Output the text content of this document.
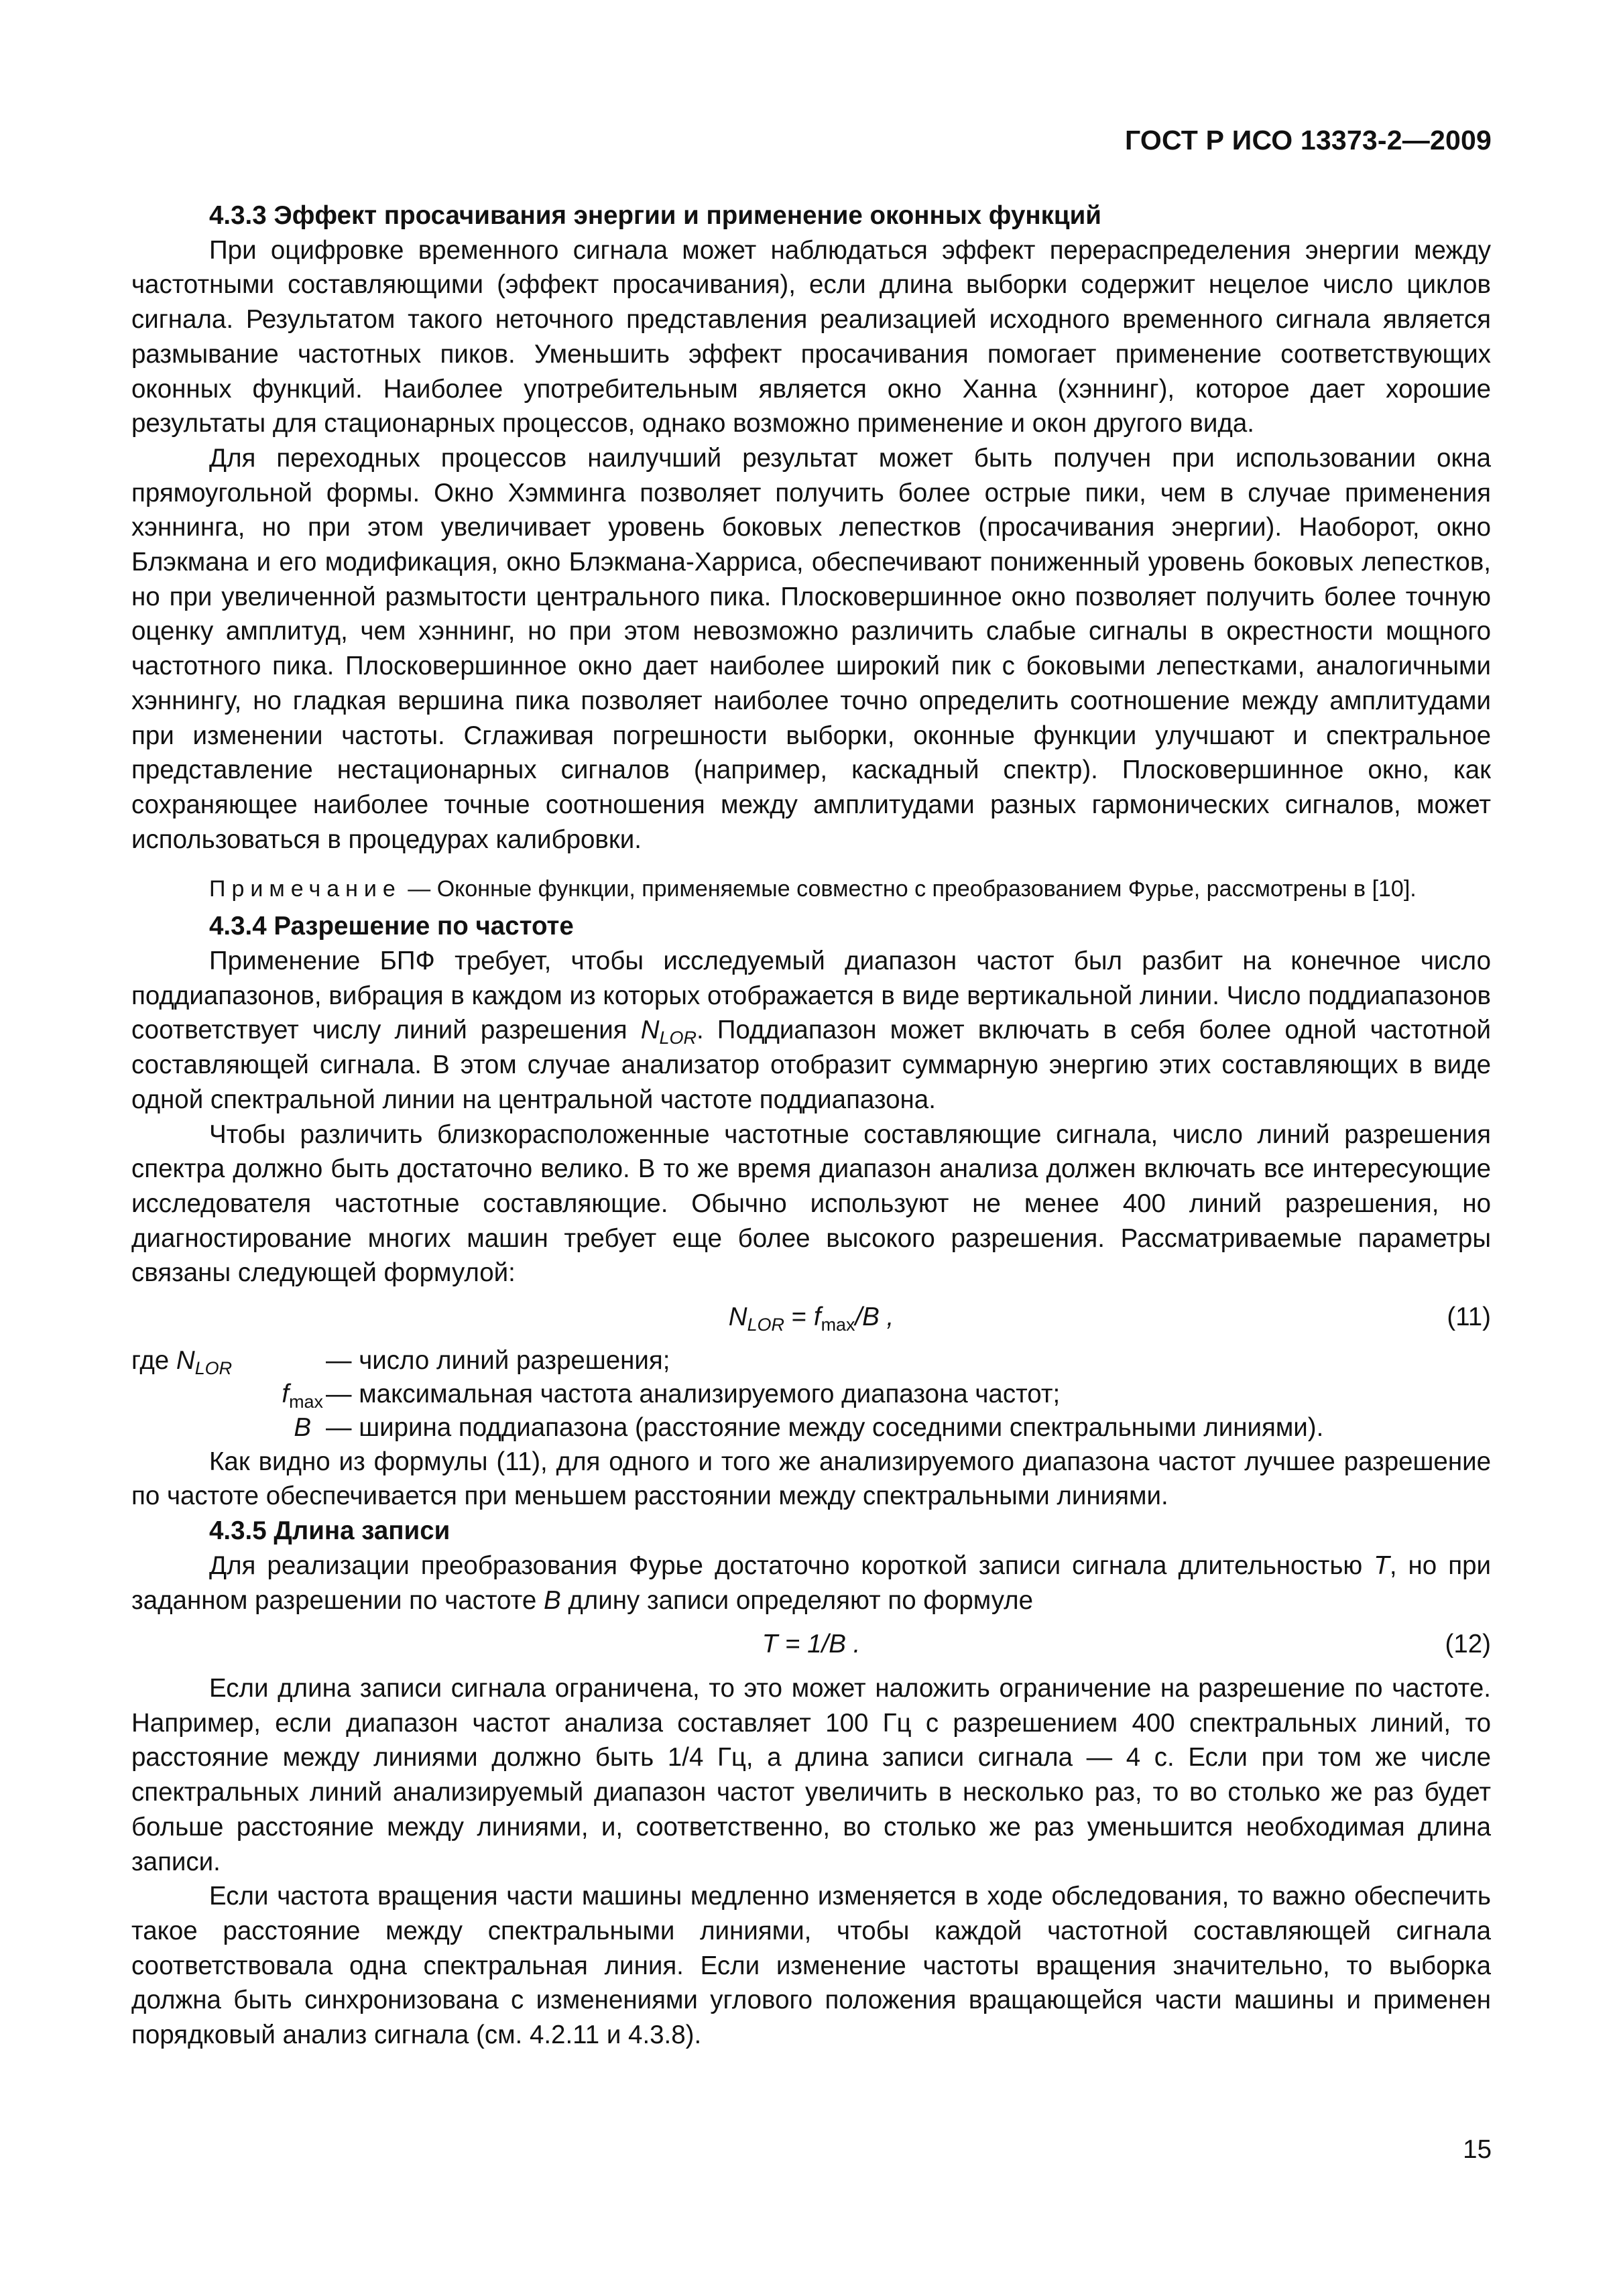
ГОСТ Р ИСО 13373-2—2009
4.3.3 Эффект просачивания энергии и применение оконных функций

При оцифровке временного сигнала может наблюдаться эффект перераспределения энергии между частотными составляющими (эффект просачивания), если длина выборки содержит нецелое число циклов сигнала. Результатом такого неточного представления реализацией исходного временного сигнала является размывание частотных пиков. Уменьшить эффект просачивания помогает применение соответствующих оконных функций. Наиболее употребительным является окно Ханна (хэннинг), которое дает хорошие результаты для стационарных процессов, однако возможно применение и окон другого вида.

Для переходных процессов наилучший результат может быть получен при использовании окна прямоугольной формы. Окно Хэмминга позволяет получить более острые пики, чем в случае применения хэннинга, но при этом увеличивает уровень боковых лепестков (просачивания энергии). Наоборот, окно Блэкмана и его модификация, окно Блэкмана-Харриса, обеспечивают пониженный уровень боковых лепестков, но при увеличенной размытости центрального пика. Плосковершинное окно позволяет получить более точную оценку амплитуд, чем хэннинг, но при этом невозможно различить слабые сигналы в окрестности мощного частотного пика. Плосковершинное окно дает наиболее широкий пик с боковыми лепестками, аналогичными хэннингу, но гладкая вершина пика позволяет наиболее точно определить соотношение между амплитудами при изменении частоты. Сглаживая погрешности выборки, оконные функции улучшают и спектральное представление нестационарных сигналов (например, каскадный спектр). Плосковершинное окно, как сохраняющее наиболее точные соотношения между амплитудами разных гармонических сигналов, может использоваться в процедурах калибровки.

Примечание — Оконные функции, применяемые совместно с преобразованием Фурье, рассмотрены в [10].

4.3.4 Разрешение по частоте

Применение БПФ требует, чтобы исследуемый диапазон частот был разбит на конечное число поддиапазонов, вибрация в каждом из которых отображается в виде вертикальной линии. Число поддиапазонов соответствует числу линий разрешения $N_{LOR}$. Поддиапазон может включать в себя более одной частотной составляющей сигнала. В этом случае анализатор отобразит суммарную энергию этих составляющих в виде одной спектральной линии на центральной частоте поддиапазона.

Чтобы различить близкорасположенные частотные составляющие сигнала, число линий разрешения спектра должно быть достаточно велико. В то же время диапазон анализа должен включать все интересующие исследователя частотные составляющие. Обычно используют не менее 400 линий разрешения, но диагностирование многих машин требует еще более высокого разрешения. Рассматриваемые параметры связаны следующей формулой:

$N_{LOR} = f_{max}/B$ ,	(11)
где $N_{LOR}$	— число линий разрешения;
$f_{max}$ — максимальная частота анализируемого диапазона частот;
B — ширина поддиапазона (расстояние между соседними спектральными линиями).

Как видно из формулы (11), для одного и того же анализируемого диапазона частот лучшее разрешение по частоте обеспечивается при меньшем расстоянии между спектральными линиями.

4.3.5 Длина записи

Для реализации преобразования Фурье достаточно короткой записи сигнала длительностью T, но при заданном разрешении по частоте B длину записи определяют по формуле

T = 1/B .	(12)

Если длина записи сигнала ограничена, то это может наложить ограничение на разрешение по частоте. Например, если диапазон частот анализа составляет 100 Гц с разрешением 400 спектральных линий, то расстояние между линиями должно быть 1/4 Гц, а длина записи сигнала — 4 с. Если при том же числе спектральных линий анализируемый диапазон частот увеличить в несколько раз, то во столько же раз будет больше расстояние между линиями, и, соответственно, во столько же раз уменьшится необходимая длина записи.

Если частота вращения части машины медленно изменяется в ходе обследования, то важно обеспечить такое расстояние между спектральными линиями, чтобы каждой частотной составляющей сигнала соответствовала одна спектральная линия. Если изменение частоты вращения значительно, то выборка должна быть синхронизована с изменениями углового положения вращающейся части машины и применен порядковый анализ сигнала (см. 4.2.11 и 4.3.8).

15
